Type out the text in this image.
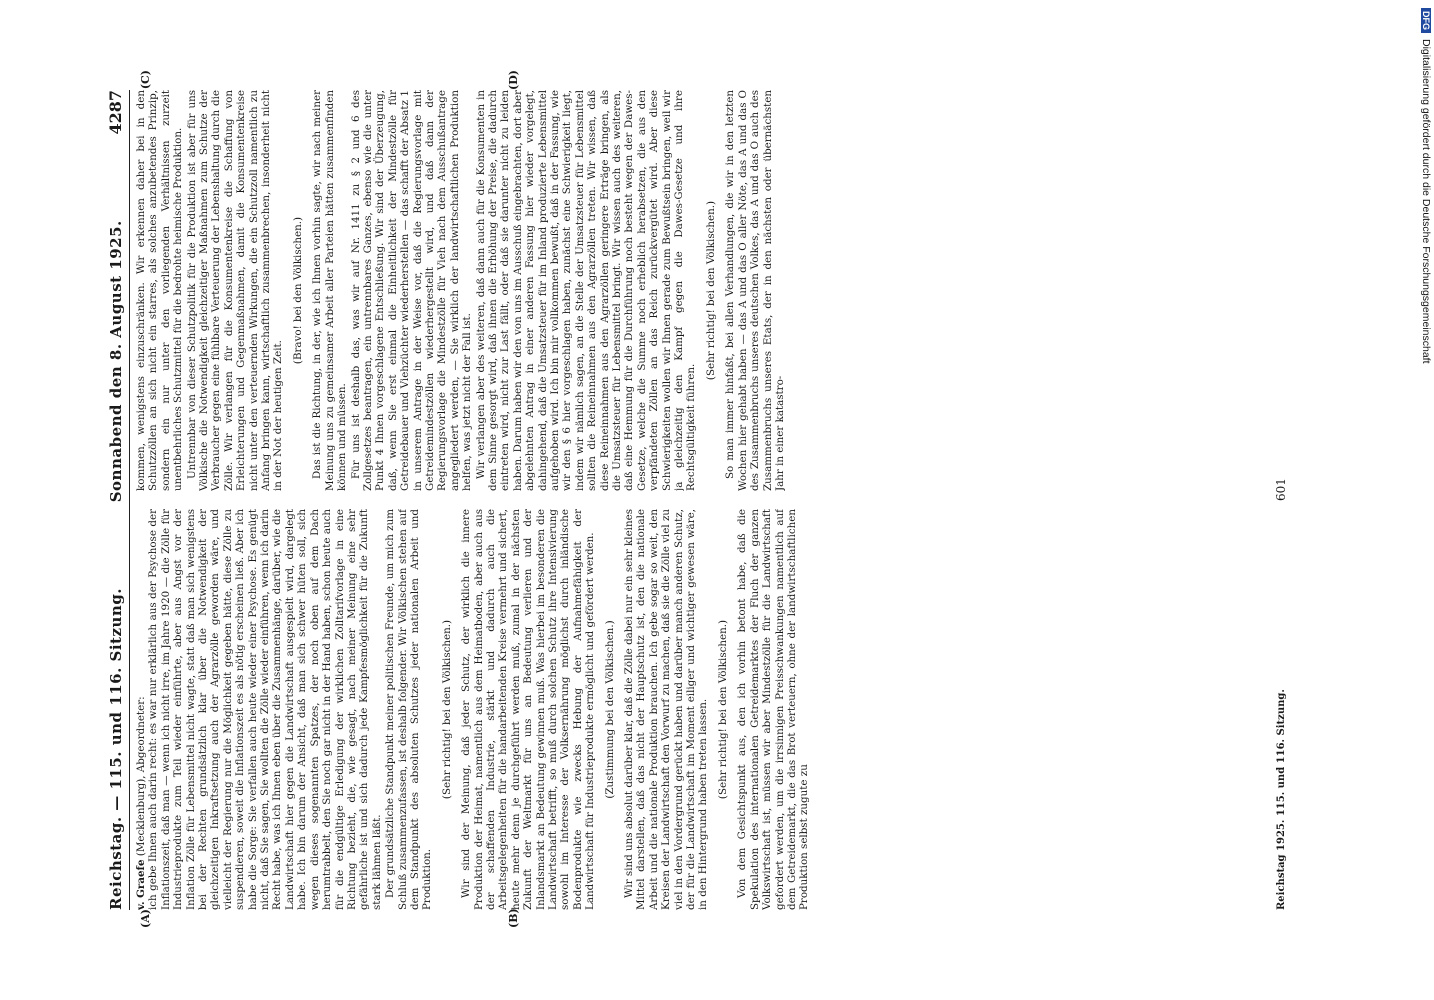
Reichstag. — 115. und 116. Sitzung.
Sonnabend den 8. August 1925.
4287

v. Graefe (Mecklenburg), Abgeordneter:
ich gebe Ihnen auch darin recht: es war nur erklärlich aus der Psychose der Inflationszeit, daß man — wenn ich nicht irre, im Jahre 1920 — die Zölle für Industrieprodukte zum Teil wieder einführte, aber aus Angst vor der Inflation Zölle für Lebensmittel nicht wagte, statt daß man sich wenigstens bei der Rechten grundsätzlich klar über die Notwendigkeit der gleichzeitigen Inkraftsetzung auch der Agrarzölle geworden wäre, und vielleicht der Regierung nur die Möglichkeit gegeben hätte, diese Zölle zu suspendieren, soweit die Inflationszeit es als nötig erscheinen ließ. Aber ich habe die Sorge: Sie verfallen auch heute wieder einer Psychose. Es genügt nicht, daß Sie sagen, Sie wollten die Zölle wieder einführen, wenn ich darin Recht habe, was ich Ihnen eben über die Zusammenhänge, darüber, wie die Landwirtschaft hier gegen die Landwirtschaft ausgespielt wird, dargelegt habe. Ich bin darum der Ansicht, daß man sich schwer hüten soll, sich wegen dieses sogenannten Spatzes, der noch oben auf dem Dach herumtrabbelt, den Sie noch gar nicht in der Hand haben, schon heute auch für die endgültige Erledigung der wirklichen Zolltarifvorlage in eine Richtung bezieht, die, wie gesagt, nach meiner Meinung eine sehr gefährliche ist und sich dadurch jede Kampfesmöglichkeit für die Zukunft stark lähmen läßt. Der grundsätzliche Standpunkt meiner politischen Freunde, um mich zum Schluß zusammenzufassen, ist deshalb folgender. Wir Völkischen stehen auf dem Standpunkt des absoluten Schutzes jeder nationalen Arbeit und Produktion.

(Sehr richtig! bei den Völkischen.) Wir sind der Meinung, daß jeder Schutz, der wirklich die innere Produktion der Heimat, namentlich aus dem Heimatboden, aber auch aus der schaffenden Industrie, stärkt und dadurch auch die Arbeitsgelegenheiten für die handarbeitenden Kreise vermehrt und sichert, heute mehr denn je durchgeführt werden muß, zumal in der nächsten Zukunft der Weltmarkt für uns an Bedeutung verlieren und der Inlandsmarkt an Bedeutung gewinnen muß. Was hierbei im besonderen die Landwirtschaft betrifft, so muß durch solchen Schutz ihre Intensivierung sowohl im Interesse der Volksernährung möglichst durch inländische Bodenprodukte wie zwecks Hebung der Aufnahmefähigkeit der Landwirtschaft für Industrieprodukte ermöglicht und gefördert werden. (Zustimmung bei den Völkischen.) Wir sind uns absolut darüber klar, daß die Zölle dabei nur ein sehr kleines Mittel darstellen, daß das nicht der Hauptschutz ist, den die nationale Arbeit und die nationale Produktion brauchen. Ich gebe sogar so weit, den Kreisen der Landwirtschaft den Vorwurf zu machen, daß sie die Zölle viel zu viel in den Vordergrund gerückt haben und darüber manch anderen Schutz, der für die Landwirtschaft im Moment eiliger und wichtiger gewesen wäre, in den Hintergrund haben treten lassen. (Sehr richtig! bei den Völkischen.) Von dem Gesichtspunkt aus, den ich vorhin betont habe, daß die Spekulation des internationalen Getreidemarktes der Fluch der ganzen Volkswirtschaft ist, müssen wir aber Mindestzölle für die Landwirtschaft gefordert werden, um die irrsinnigen Preisschwankungen namentlich auf dem Getreidemarkt, die das Brot verteuern, ohne der landwirtschaftlichen Produktion selbst zugute zu

kommen, wenigstens einzuschränken. Wir erkennen daher bei in den Schutzzöllen an sich nicht ein starres, als solches anzubetendes Prinzip, sondern ein nur unter den vorliegenden Verhältnissen zurzeit unentbehrliches Schutzmittel für die bedrohte heimische Produktion. Untrennbar von dieser Schutzpolitik für die Produktion ist aber für uns Völkische die Notwendigkeit gleichzeitiger Maßnahmen zum Schutze der Verbraucher gegen eine fühlbare Verteuerung der Lebenshaltung durch die Zölle. Wir verlangen für die Konsumentenkreise die Schaffung von Erleichterungen und Gegenmaßnahmen, damit die Konsumentenkreise nicht unter den verteuernden Wirkungen, die ein Schutzzoll namentlich zu Anfang bringen kann, wirtschaftlich zusammenbrechen, insonderheit nicht in der Not der heutigen Zeit.

(Bravo! bei den Völkischen.) Das ist die Richtung, in der, wie ich Ihnen vorhin sagte, wir nach meiner Meinung uns zu gemeinsamer Arbeit aller Parteien hätten zusammenfinden können und müssen. Für uns ist deshalb das, was wir auf Nr. 1411 zu § 2 und 6 des Zollgesetzes beantragen, ein untrennbares Ganzes, ebenso wie die unter Punkt 4 Ihnen vorgeschlagene Entschließung. Wir sind der Überzeugung, daß, wenn Sie erst einmal die Einheitlichkeit der Mindestzölle für Getreidebauer und Viehzüchter wiederherstellen — das schafft der Absatz 1 in unserem Antrage in der Weise vor, daß die Regierungsvorlage mit Getreidemindestzöllen wiederhergestellt wird, und daß dann der Regierungsvorlage die Mindestzölle für Vieh nach dem Ausschußantrage angegliedert werden, — Sie wirklich der landwirtschaftlichen Produktion helfen, was jetzt nicht der Fall ist. Wir verlangen aber des weiteren, daß dann auch für die Konsumenten in dem Sinne gesorgt wird, daß ihnen die Erhöhung der Preise, die dadurch eintreten wird, nicht zur Last fällt, oder daß sie darunter nicht zu leiden haben. Darum haben wir den von uns im Ausschuß eingebrachten, dort aber abgelehnten Antrag in einer anderen Fassung hier wieder vorgelegt, dahingehend, daß die Umsatzsteuer für im Inland produzierte Lebensmittel aufgehoben wird. Ich bin mir vollkommen bewußt, daß in der Fassung, wie wir den § 6 hier vorgeschlagen haben, zunächst eine Schwierigkeit liegt, indem wir nämlich sagen, an die Stelle der Umsatzsteuer für Lebensmittel sollten die Reineinnahmen aus den Agrarzöllen treten. Wir wissen, daß diese Reineinnahmen aus den Agrarzöllen geringere Erträge bringen, als die Umsatzsteuer für Lebensmittel bringt. Wir wissen auch des weiteren, daß eine Hemmung für die Durchführung noch besteht wegen der Dawes-Gesetze, welche die Summe noch erheblich herabsetzen, die aus den verpfändeten Zöllen an das Reich zurückvergütet wird. Aber diese Schwierigkeiten wollen wir Ihnen gerade zum Bewußtsein bringen, weil wir ja gleichzeitig den Kampf gegen die Dawes-Gesetze und ihre Rechtsgültigkeit führen.

(Sehr richtig! bei den Völkischen.) So man immer hinfaßt, bei allen Verhandlungen, die wir in den letzten Wochen hier gehabt haben — das A und das O aller Nöte, das A und das O des Zusammenbruchs unseres deutschen Volkes, das A und das O auch des Zusammenbruchs unseres Etats, der in den nächsten oder übernächsten Jahr in einer katastro-

(A)	(B)
(C)	(D)
Reichstag 1925. 115. und 116. Sitzung.
601
DFGDigitalisierung gefördert durch die Deutsche Forschungsgemeinschaft
